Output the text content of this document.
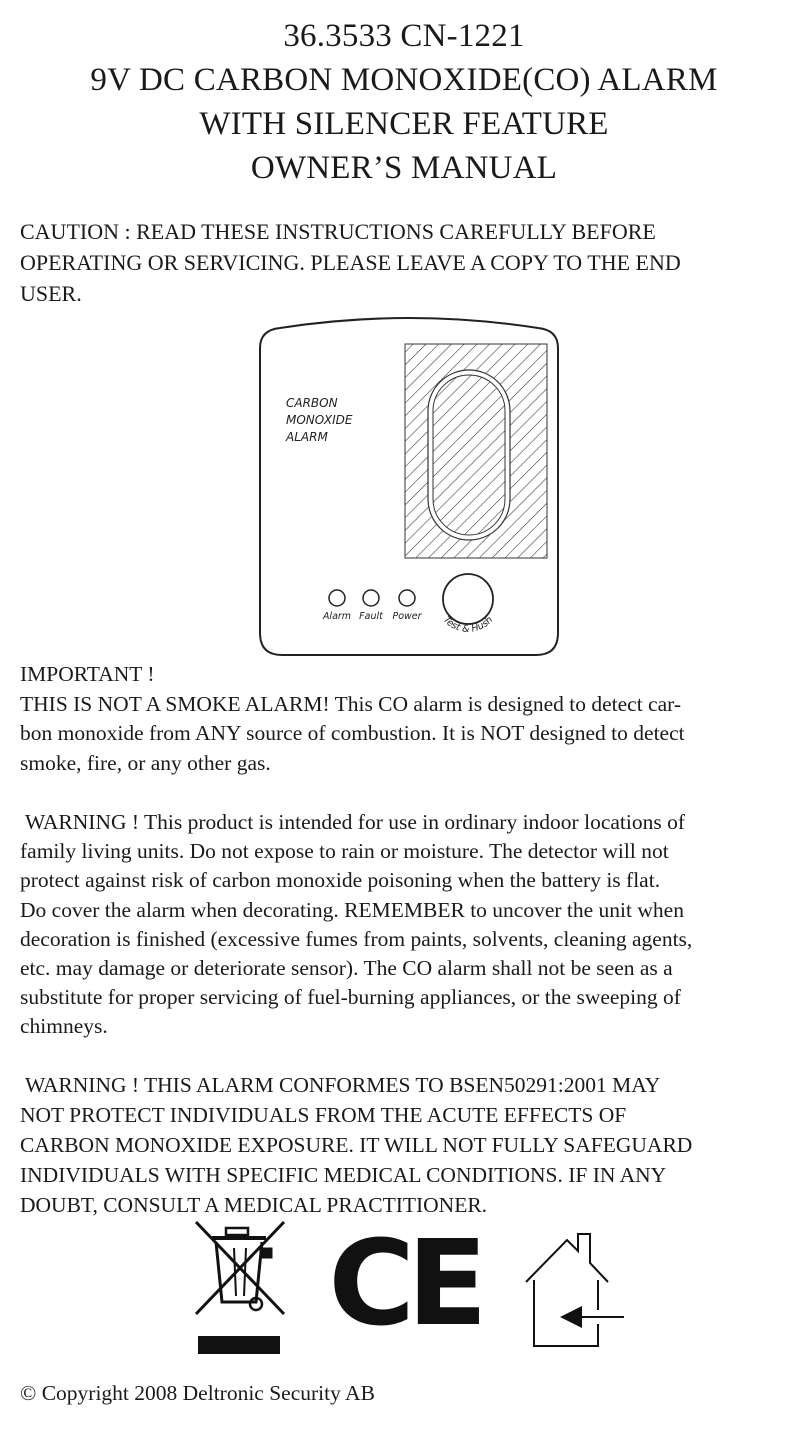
36.3533 CN-1221
9V DC CARBON MONOXIDE(CO) ALARM
WITH SILENCER FEATURE
OWNER’S MANUAL
CAUTION : READ THESE INSTRUCTIONS CAREFULLY BEFORE
OPERATING OR SERVICING. PLEASE LEAVE A COPY TO THE END
USER.
CARBON
MONOXIDE
ALARM
Alarm Fault Power Test & Hush
IMPORTANT !
THIS IS NOT A SMOKE ALARM! This CO alarm is designed to detect car-
bon monoxide from ANY source of combustion. It is NOT designed to detect
smoke, fire, or any other gas.
WARNING ! This product is intended for use in ordinary indoor locations of
family living units. Do not expose to rain or moisture. The detector will not
protect against risk of carbon monoxide poisoning when the battery is flat.
Do cover the alarm when decorating. REMEMBER to uncover the unit when
decoration is finished (excessive fumes from paints, solvents, cleaning agents,
etc. may damage or deteriorate sensor). The CO alarm shall not be seen as a
substitute for proper servicing of fuel-burning appliances, or the sweeping of
chimneys.
WARNING ! THIS ALARM CONFORMES TO BSEN50291:2001 MAY
NOT PROTECT INDIVIDUALS FROM THE ACUTE EFFECTS OF
CARBON MONOXIDE EXPOSURE. IT WILL NOT FULLY SAFEGUARD
INDIVIDUALS WITH SPECIFIC MEDICAL CONDITIONS. IF IN ANY
DOUBT, CONSULT A MEDICAL PRACTITIONER.
CE
© Copyright 2008 Deltronic Security AB
